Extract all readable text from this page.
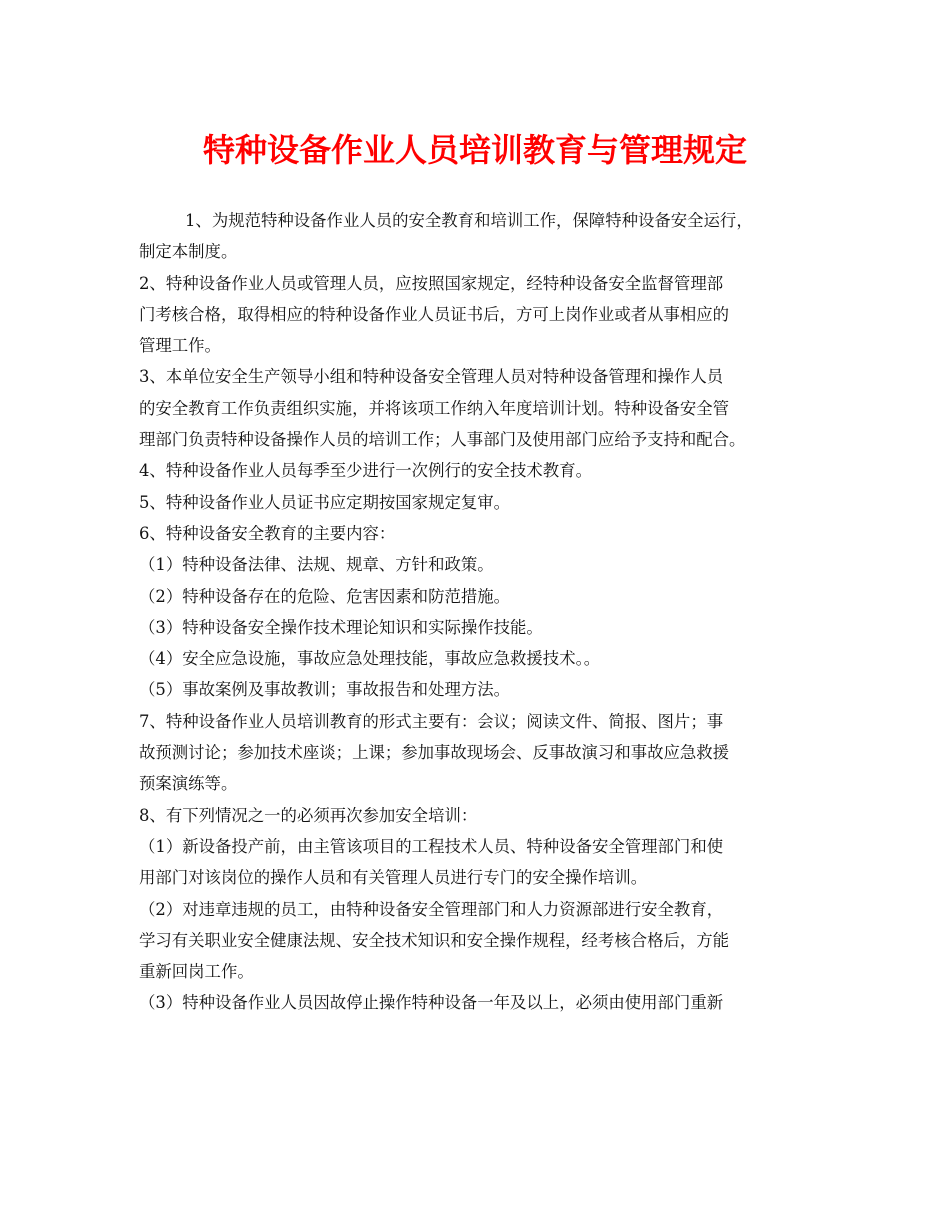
特种设备作业人员培训教育与管理规定

1、为规范特种设备作业人员的安全教育和培训工作，保障特种设备安全运行，
制定本制度。

2、特种设备作业人员或管理人员，应按照国家规定，经特种设备安全监督管理部
门考核合格，取得相应的特种设备作业人员证书后，方可上岗作业或者从事相应的
管理工作。

3、本单位安全生产领导小组和特种设备安全管理人员对特种设备管理和操作人员
的安全教育工作负责组织实施，并将该项工作纳入年度培训计划。特种设备安全管
理部门负责特种设备操作人员的培训工作；人事部门及使用部门应给予支持和配合。

4、特种设备作业人员每季至少进行一次例行的安全技术教育。

5、特种设备作业人员证书应定期按国家规定复审。

6、特种设备安全教育的主要内容：

（1）特种设备法律、法规、规章、方针和政策。

（2）特种设备存在的危险、危害因素和防范措施。

（3）特种设备安全操作技术理论知识和实际操作技能。

（4）安全应急设施，事故应急处理技能，事故应急救援技术。。

（5）事故案例及事故教训；事故报告和处理方法。

7、特种设备作业人员培训教育的形式主要有：会议；阅读文件、简报、图片；事
故预测讨论；参加技术座谈；上课；参加事故现场会、反事故演习和事故应急救援
预案演练等。

8、有下列情况之一的必须再次参加安全培训：

（1）新设备投产前，由主管该项目的工程技术人员、特种设备安全管理部门和使
用部门对该岗位的操作人员和有关管理人员进行专门的安全操作培训。

（2）对违章违规的员工，由特种设备安全管理部门和人力资源部进行安全教育，
学习有关职业安全健康法规、安全技术知识和安全操作规程，经考核合格后，方能
重新回岗工作。

（3）特种设备作业人员因故停止操作特种设备一年及以上，必须由使用部门重新
